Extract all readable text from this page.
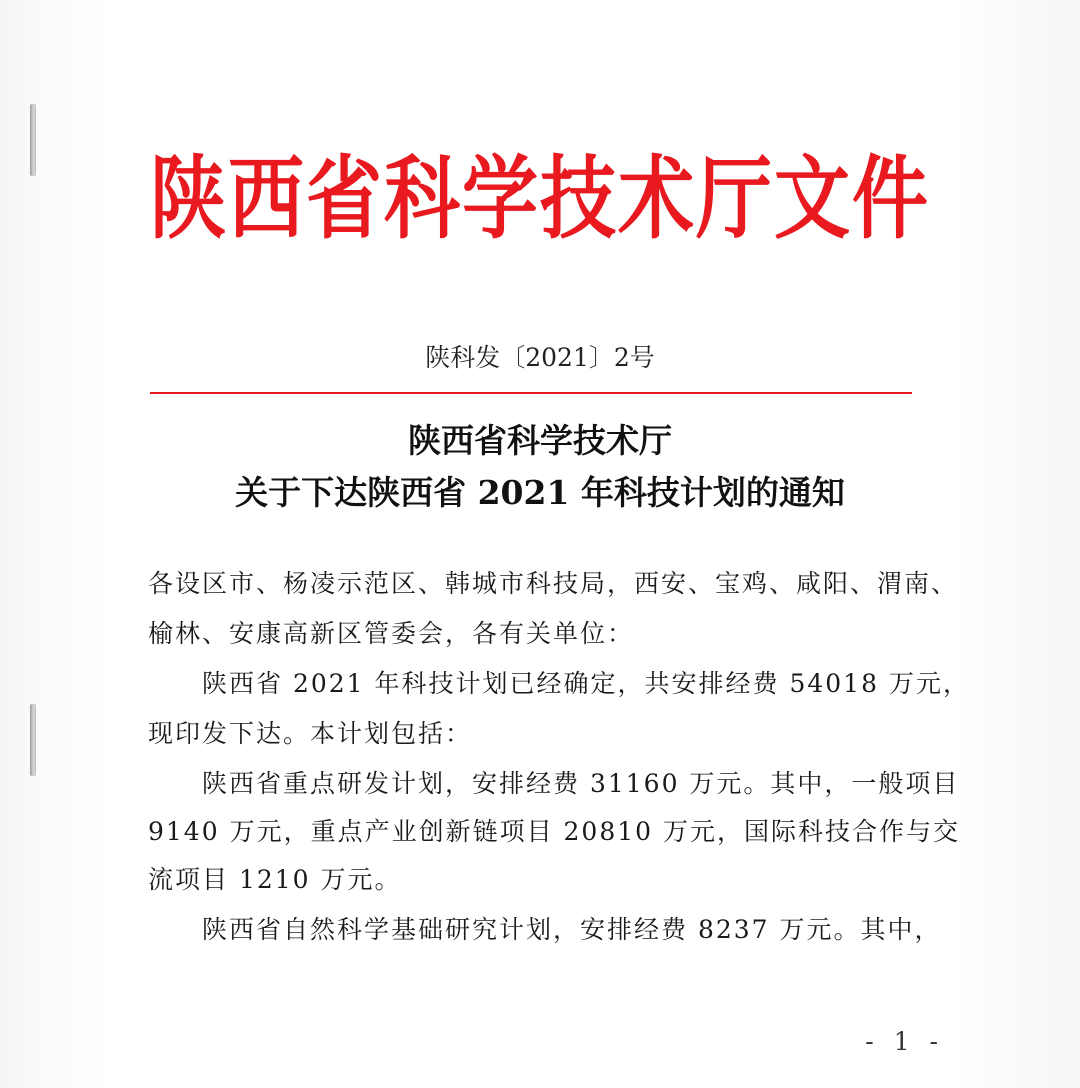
陕西省科学技术厅文件
陕科发〔2021〕2号
陕西省科学技术厅
关于下达陕西省 2021 年科技计划的通知
各设区市、杨凌示范区、韩城市科技局，西安、宝鸡、咸阳、渭南、
榆林、安康高新区管委会，各有关单位：
　　陕西省 2021 年科技计划已经确定，共安排经费 54018 万元，
现印发下达。本计划包括：
　　陕西省重点研发计划，安排经费 31160 万元。其中，一般项目
9140 万元，重点产业创新链项目 20810 万元，国际科技合作与交
流项目 1210 万元。
　　陕西省自然科学基础研究计划，安排经费 8237 万元。其中，
- 1 -
